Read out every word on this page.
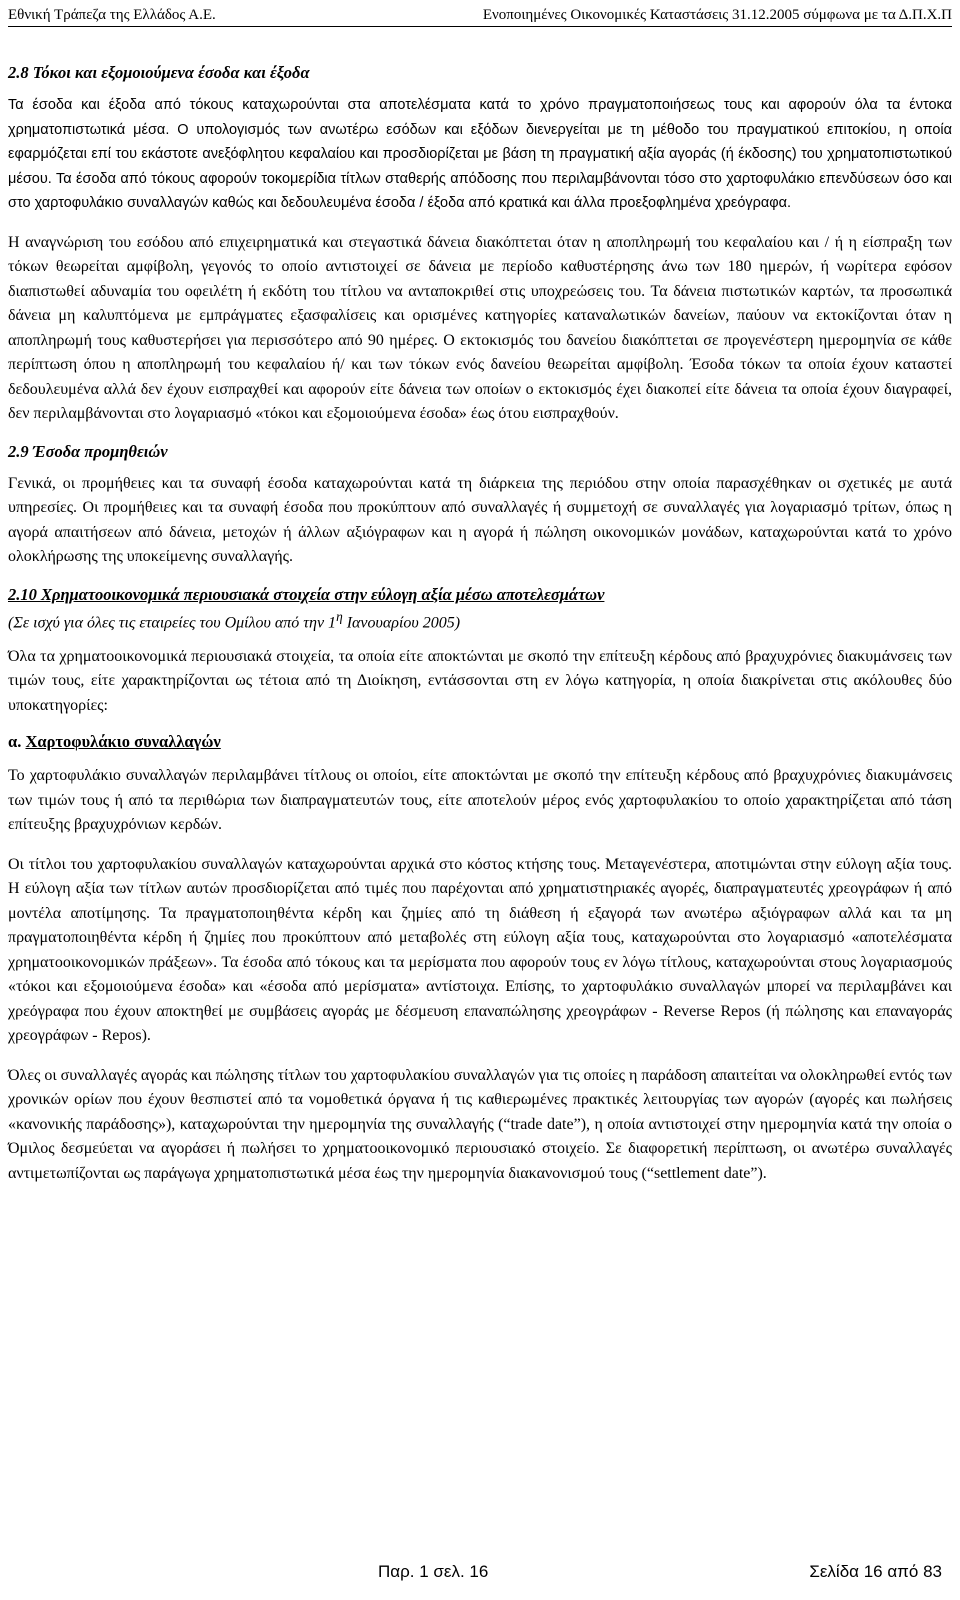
Εθνική Τράπεζα της Ελλάδος Α.Ε.	Ενοποιημένες Οικονομικές Καταστάσεις 31.12.2005 σύμφωνα με τα Δ.Π.Χ.Π
2.8 Τόκοι και εξομοιούμενα έσοδα και έξοδα

Τα έσοδα και έξοδα από τόκους καταχωρούνται στα αποτελέσματα κατά το χρόνο πραγματοποιήσεως τους και αφορούν όλα τα έντοκα χρηματοπιστωτικά μέσα. Ο υπολογισμός των ανωτέρω εσόδων και εξόδων διενεργείται με τη μέθοδο του πραγματικού επιτοκίου, η οποία εφαρμόζεται επί του εκάστοτε ανεξόφλητου κεφαλαίου και προσδιορίζεται με βάση τη πραγματική αξία αγοράς (ή έκδοσης) του χρηματοπιστωτικού μέσου. Τα έσοδα από τόκους αφορούν τοκομερίδια τίτλων σταθερής απόδοσης που περιλαμβάνονται τόσο στο χαρτοφυλάκιο επενδύσεων όσο και στο χαρτοφυλάκιο συναλλαγών καθώς και δεδουλευμένα έσοδα / έξοδα από κρατικά και άλλα προεξοφλημένα χρεόγραφα.

Η αναγνώριση του εσόδου από επιχειρηματικά και στεγαστικά δάνεια διακόπτεται όταν η αποπληρωμή του κεφαλαίου και / ή η είσπραξη των τόκων θεωρείται αμφίβολη, γεγονός το οποίο αντιστοιχεί σε δάνεια με περίοδο καθυστέρησης άνω των 180 ημερών, ή νωρίτερα εφόσον διαπιστωθεί αδυναμία του οφειλέτη ή εκδότη του τίτλου να ανταποκριθεί στις υποχρεώσεις του. Τα δάνεια πιστωτικών καρτών, τα προσωπικά δάνεια μη καλυπτόμενα με εμπράγματες εξασφαλίσεις και ορισμένες κατηγορίες καταναλωτικών δανείων, παύουν να εκτοκίζονται όταν η αποπληρωμή τους καθυστερήσει για περισσότερο από 90 ημέρες. Ο εκτοκισμός του δανείου διακόπτεται σε προγενέστερη ημερομηνία σε κάθε περίπτωση όπου η αποπληρωμή του κεφαλαίου ή/ και των τόκων ενός δανείου θεωρείται αμφίβολη. Έσοδα τόκων τα οποία έχουν καταστεί δεδουλευμένα αλλά δεν έχουν εισπραχθεί και αφορούν είτε δάνεια των οποίων ο εκτοκισμός έχει διακοπεί είτε δάνεια τα οποία έχουν διαγραφεί, δεν περιλαμβάνονται στο λογαριασμό «τόκοι και εξομοιούμενα έσοδα» έως ότου εισπραχθούν.

2.9 Έσοδα προμηθειών

Γενικά, οι προμήθειες και τα συναφή έσοδα καταχωρούνται κατά τη διάρκεια της περιόδου στην οποία παρασχέθηκαν οι σχετικές με αυτά υπηρεσίες. Οι προμήθειες και τα συναφή έσοδα που προκύπτουν από συναλλαγές ή συμμετοχή σε συναλλαγές για λογαριασμό τρίτων, όπως η αγορά απαιτήσεων από δάνεια, μετοχών ή άλλων αξιόγραφων και η αγορά ή πώληση οικονομικών μονάδων, καταχωρούνται κατά το χρόνο ολοκλήρωσης της υποκείμενης συναλλαγής.

2.10 Χρηματοοικονομικά περιουσιακά στοιχεία στην εύλογη αξία μέσω αποτελεσμάτων
(Σε ισχύ για όλες τις εταιρείες του Ομίλου από την $1^\eta$ Ιανουαρίου 2005)

Όλα τα χρηματοοικονομικά περιουσιακά στοιχεία, τα οποία είτε αποκτώνται με σκοπό την επίτευξη κέρδους από βραχυχρόνιες διακυμάνσεις των τιμών τους, είτε χαρακτηρίζονται ως τέτοια από τη Διοίκηση, εντάσσονται στη εν λόγω κατηγορία, η οποία διακρίνεται στις ακόλουθες δύο υποκατηγορίες:

α. Χαρτοφυλάκιο συναλλαγών

Το χαρτοφυλάκιο συναλλαγών περιλαμβάνει τίτλους οι οποίοι, είτε αποκτώνται με σκοπό την επίτευξη κέρδους από βραχυχρόνιες διακυμάνσεις των τιμών τους ή από τα περιθώρια των διαπραγματευτών τους, είτε αποτελούν μέρος ενός χαρτοφυλακίου το οποίο χαρακτηρίζεται από τάση επίτευξης βραχυχρόνιων κερδών.

Οι τίτλοι του χαρτοφυλακίου συναλλαγών καταχωρούνται αρχικά στο κόστος κτήσης τους. Μεταγενέστερα, αποτιμώνται στην εύλογη αξία τους. Η εύλογη αξία των τίτλων αυτών προσδιορίζεται από τιμές που παρέχονται από χρηματιστηριακές αγορές, διαπραγματευτές χρεογράφων ή από μοντέλα αποτίμησης. Τα πραγματοποιηθέντα κέρδη και ζημίες από τη διάθεση ή εξαγορά των ανωτέρω αξιόγραφων αλλά και τα μη πραγματοποιηθέντα κέρδη ή ζημίες που προκύπτουν από μεταβολές στη εύλογη αξία τους, καταχωρούνται στο λογαριασμό «αποτελέσματα χρηματοοικονομικών πράξεων». Τα έσοδα από τόκους και τα μερίσματα που αφορούν τους εν λόγω τίτλους, καταχωρούνται στους λογαριασμούς «τόκοι και εξομοιούμενα έσοδα» και «έσοδα από μερίσματα» αντίστοιχα. Επίσης, το χαρτοφυλάκιο συναλλαγών μπορεί να περιλαμβάνει και χρεόγραφα που έχουν αποκτηθεί με συμβάσεις αγοράς με δέσμευση επαναπώλησης χρεογράφων - Reverse Repos (ή πώλησης και επαναγοράς χρεογράφων - Repos).

Όλες οι συναλλαγές αγοράς και πώλησης τίτλων του χαρτοφυλακίου συναλλαγών για τις οποίες η παράδοση απαιτείται να ολοκληρωθεί εντός των χρονικών ορίων που έχουν θεσπιστεί από τα νομοθετικά όργανα ή τις καθιερωμένες πρακτικές λειτουργίας των αγορών (αγορές και πωλήσεις «κανονικής παράδοσης»), καταχωρούνται την ημερομηνία της συναλλαγής (“trade date”), η οποία αντιστοιχεί στην ημερομηνία κατά την οποία ο Όμιλος δεσμεύεται να αγοράσει ή πωλήσει το χρηματοοικονομικό περιουσιακό στοιχείο. Σε διαφορετική περίπτωση, οι ανωτέρω συναλλαγές αντιμετωπίζονται ως παράγωγα χρηματοπιστωτικά μέσα έως την ημερομηνία διακανονισμού τους (“settlement date”).

Παρ. 1 σελ. 16	Σελίδα 16 από 83
